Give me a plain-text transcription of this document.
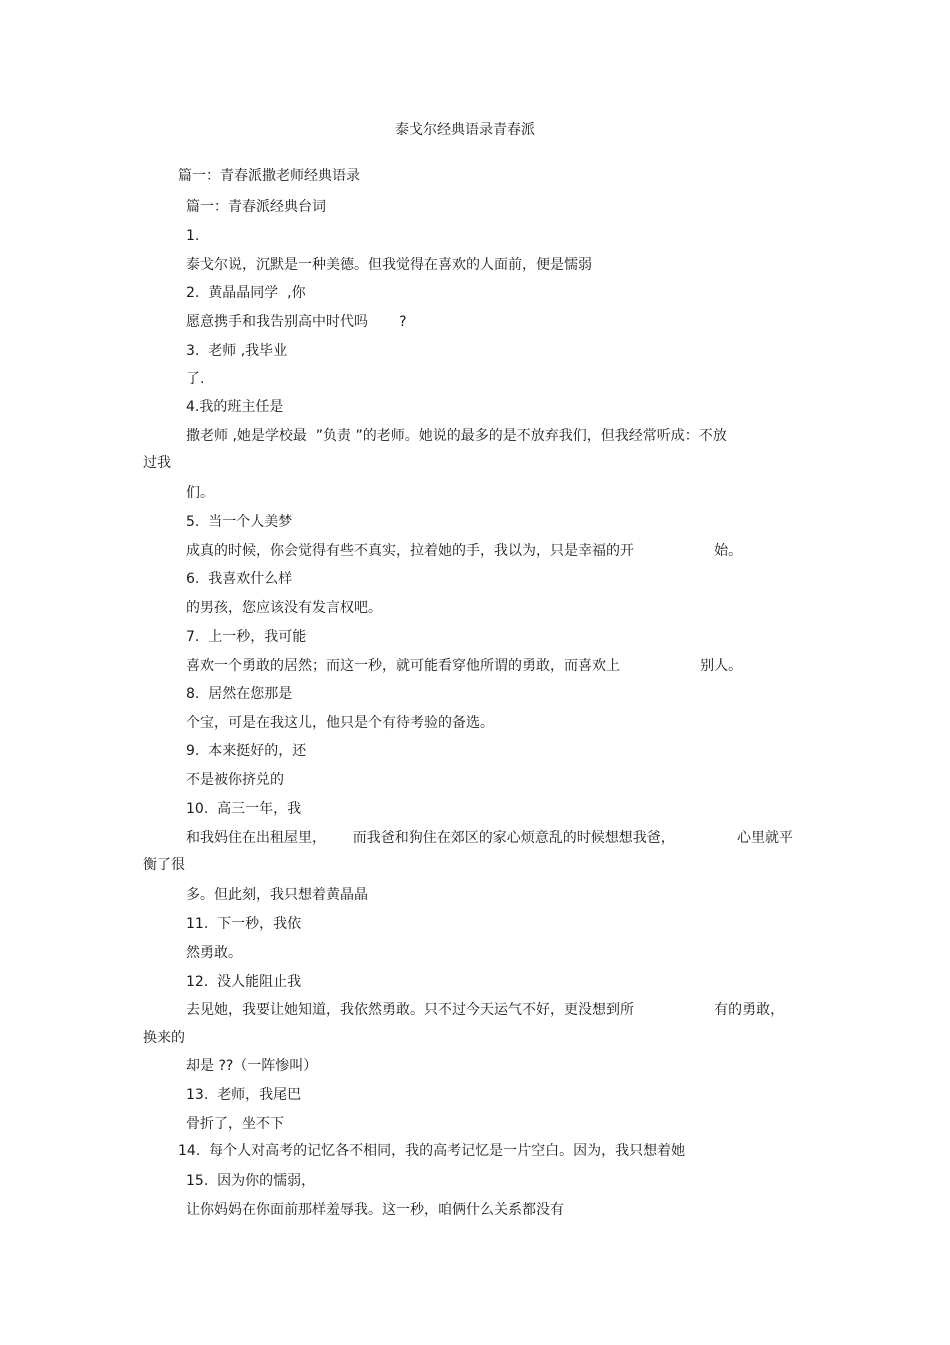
泰戈尔经典语录青春派
篇一：青春派撒老师经典语录
篇一：青春派经典台词
1.
泰戈尔说，沉默是一种美德。但我觉得在喜欢的人面前，便是懦弱
2.  黄晶晶同学  ,你
愿意携手和我告别高中时代吗       ?
3.  老师 ,我毕业
了.
4.我的班主任是
撒老师 ,她是学校最  ”负责 ”的老师。她说的最多的是不放弃我们，但我经常听成：不放
过我
们。
5.  当一个人美梦
成真的时候，你会觉得有些不真实，拉着她的手，我以为，只是幸福的开                  始。
6.  我喜欢什么样
的男孩，您应该没有发言权吧。
7.  上一秒，我可能
喜欢一个勇敢的居然；而这一秒，就可能看穿他所谓的勇敢，而喜欢上                  别人。
8.  居然在您那是
个宝，可是在我这儿，他只是个有待考验的备选。
9.  本来挺好的，还
不是被你挤兑的
10.  高三一年，我
和我妈住在出租屋里，      而我爸和狗住在郊区的家心烦意乱的时候想想我爸，              心里就平
衡了很
多。但此刻，我只想着黄晶晶
11.  下一秒，我依
然勇敢。
12.  没人能阻止我
去见她，我要让她知道，我依然勇敢。只不过今天运气不好，更没想到所                  有的勇敢，
换来的
却是 ??（一阵惨叫）
13.  老师，我尾巴
骨折了，坐不下
14.  每个人对高考的记忆各不相同，我的高考记忆是一片空白。因为，我只想着她
15.  因为你的懦弱，
让你妈妈在你面前那样羞辱我。这一秒，咱俩什么关系都没有
